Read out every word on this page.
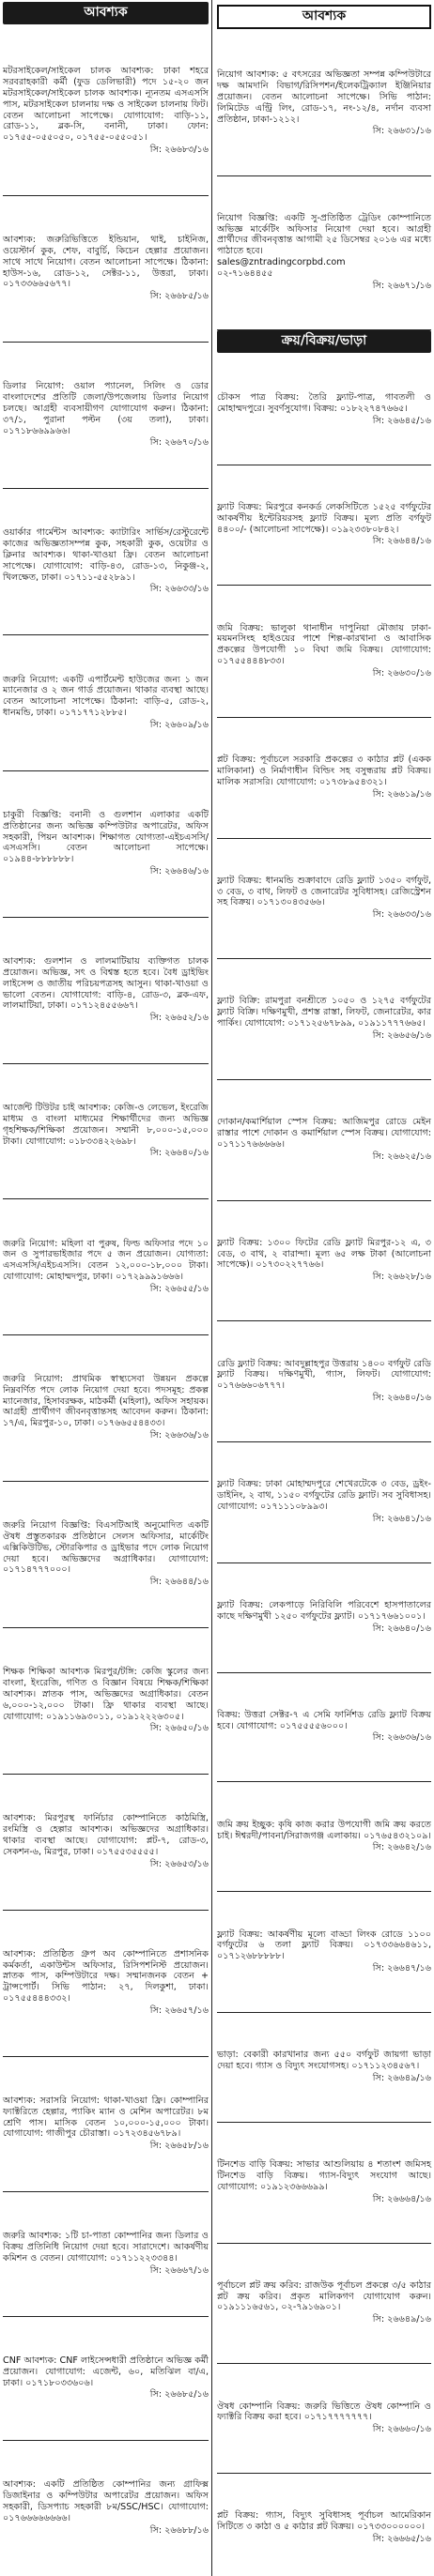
আবশ্যক

মটরসাইকেল/সাইকেল চালক আবশ্যক: ঢাকা শহরে সরবরাহকারী কর্মী (ফুড ডেলিভারী) পদে ১৫-২০ জন মটরসাইকেল/সাইকেল চালক আবশ্যক। ন্যূনতম এসএসসি পাস, মটরসাইকেল চালনায় দক্ষ ও সাইকেল চালনায় ফিট। বেতন আলোচনা সাপেক্ষে। যোগাযোগ: বাড়ি-১১, রোড-১১, ব্লক-সি, বনানী, ঢাকা। ফোন: ০১৭৫৫-০৫৫০৫০, ০১৭৫৫-০৫৫০৫১।

সি: ২৬৬৮৩/১৬

আবশ্যক: জরুরিভিত্তিতে ইন্ডিয়ান, থাই, চাইনিজ, ওয়েস্টার্ন কুক, শেফ, বাবুর্চি, কিচেন হেল্পার প্রয়োজন। সাথে সাথে নিয়োগ। বেতন আলোচনা সাপেক্ষে। ঠিকানা: হাউস-১৬, রোড-১২, সেক্টর-১১, উত্তরা, ঢাকা। ০১৭৩৩৬৬৫৬৭৭।

সি: ২৬৬৮৫/১৬

ডিলার নিয়োগ: ওয়াল প্যানেল, সিলিং ও ডোর বাংলাদেশের প্রতিটি জেলা/উপজেলায় ডিলার নিয়োগ চলছে। আগ্রহী ব্যবসায়ীগণ যোগাযোগ করুন। ঠিকানা: ৩৭/১, পুরানা পল্টন (৩য় তলা), ঢাকা। ০১৭১৮৬৬৯৯৬৬।

সি: ২৬৬৭০/১৬

ওয়ার্কার গার্মেন্টস আবশ্যক: ক্যাটারিং সার্ভিস/রেস্টুরেন্টে কাজের অভিজ্ঞতাসম্পন্ন কুক, সহকারী কুক, ওয়েটার ও ক্লিনার আবশ্যক। থাকা-খাওয়া ফ্রি। বেতন আলোচনা সাপেক্ষে। যোগাযোগ: বাড়ি-৪৩, রোড-১৩, নিকুঞ্জ-২, খিলক্ষেত, ঢাকা। ০১৭১১-৫৫২৮৯১।

সি: ২৬৬৩৩/১৬

জরুরি নিয়োগ: একটি এপার্টমেন্ট হাউজের জন্য ১ জন ম্যানেজার ও ২ জন গার্ড প্রয়োজন। থাকার ব্যবস্থা আছে। বেতন আলোচনা সাপেক্ষে। ঠিকানা: বাড়ি-৫, রোড-২, ধানমন্ডি, ঢাকা। ০১৭১৭৭১২৮৮৫।

সি: ২৬৬০৯/১৬

চাকুরী বিজ্ঞপ্তি: বনানী ও গুলশান এলাকার একটি প্রতিষ্ঠানের জন্য অভিজ্ঞ কম্পিউটার অপারেটর, অফিস সহকারী, পিয়ন আবশ্যক। শিক্ষাগত যোগ্যতা-এইচএসসি/এসএসসি। বেতন আলোচনা সাপেক্ষে। ০১৯৪৪-৮৮৮৮৮৮।

সি: ২৬৬৪৬/১৬

আবশ্যক: গুলশান ও লালমাটিয়ায় ব্যক্তিগত চালক প্রয়োজন। অভিজ্ঞ, সৎ ও বিশ্বস্ত হতে হবে। বৈধ ড্রাইভিং লাইসেন্স ও জাতীয় পরিচয়পত্রসহ আসুন। থাকা-খাওয়া ও ভালো বেতন। যোগাযোগ: বাড়ি-৪, রোড-৩, ব্লক-এফ, লালমাটিয়া, ঢাকা। ০১৭১২৪৫৫৬৬৭।

সি: ২৬৬৫২/১৬

আর্জেন্ট টিউটর চাই আবশ্যক: কেজি-ও লেভেল, ইংরেজি মাধ্যম ও বাংলা মাধ্যমের শিক্ষার্থীদের জন্য অভিজ্ঞ গৃহশিক্ষক/শিক্ষিকা প্রয়োজন। সম্মানী ৮,০০০-১৫,০০০ টাকা। যোগাযোগ: ০১৮৩৩৪২২৬৯৮।

সি: ২৬৬৪০/১৬

জরুরি নিয়োগ: মহিলা বা পুরুষ, ফিল্ড অফিসার পদে ১০ জন ও সুপারভাইজার পদে ৫ জন প্রয়োজন। যোগ্যতা: এসএসসি/এইচএসসি। বেতন ১২,০০০-১৮,০০০ টাকা। যোগাযোগ: মোহাম্মদপুর, ঢাকা। ০১৭২৯৯৯১৬৬৬।

সি: ২৬৬৫৫/১৬

জরুরি নিয়োগ: প্রাথমিক স্বাস্থ্যসেবা উন্নয়ন প্রকল্পে নিম্নবর্ণিত পদে লোক নিয়োগ দেয়া হবে। পদসমূহ: প্রকল্প ম্যানেজার, হিসাবরক্ষক, মাঠকর্মী (মহিলা), অফিস সহায়ক। আগ্রহী প্রার্থীগণ জীবনবৃত্তান্তসহ আবেদন করুন। ঠিকানা: ১৭/এ, মিরপুর-১০, ঢাকা। ০১৭৬৬৫৫৪৪৩৩।

সি: ২৬৬৩৬/১৬

জরুরি নিয়োগ বিজ্ঞপ্তি: বিএসটিআই অনুমোদিত একটি ঔষধ প্রস্তুতকারক প্রতিষ্ঠানে সেলস অফিসার, মার্কেটিং এক্সিকিউটিভ, স্টোরকিপার ও ড্রাইভার পদে লোক নিয়োগ দেয়া হবে। অভিজ্ঞদের অগ্রাধিকার। যোগাযোগ: ০১৭১৪৭৭৭০০০।

সি: ২৬৬৪৪/১৬

শিক্ষক শিক্ষিকা আবশ্যক মিরপুর/টঙ্গি: কেজি স্কুলের জন্য বাংলা, ইংরেজি, গণিত ও বিজ্ঞান বিষয়ে শিক্ষক/শিক্ষিকা আবশ্যক। স্নাতক পাস, অভিজ্ঞদের অগ্রাধিকার। বেতন ৬,০০০-১২,০০০ টাকা। ফ্রি থাকার ব্যবস্থা আছে। যোগাযোগ: ০১৯১১৬৯৩০১১, ০১৯১২২২৬৩০৫।

সি: ২৬৬৫০/১৬

আবশ্যক: মিরপুরস্থ ফার্নিচার কোম্পানিতে কাঠমিস্ত্রি, রংমিস্ত্রি ও হেল্পার আবশ্যক। অভিজ্ঞদের অগ্রাধিকার। থাকার ব্যবস্থা আছে। যোগাযোগ: প্লট-৭, রোড-৩, সেকশন-৬, মিরপুর, ঢাকা। ০১৭৫৫৩৫৫৫৫।

সি: ২৬৬৫৩/১৬

আবশ্যক: প্রতিষ্ঠিত গ্রুপ অব কোম্পানিতে প্রশাসনিক কর্মকর্তা, একাউন্টস অফিসার, রিসিপশনিস্ট প্রয়োজন। স্নাতক পাস, কম্পিউটারে দক্ষ। সম্মানজনক বেতন + ট্রান্সপোর্ট। সিভি পাঠান: ২৭, দিলকুশা, ঢাকা। ০১৭৫৫৪৪৪৩৩২।

সি: ২৬৬৫৭/১৬

আবশ্যক: সরাসরি নিয়োগ: থাকা-খাওয়া ফ্রি। কোম্পানির ফ্যাক্টরিতে হেল্পার, প্যাকিং ম্যান ও মেশিন অপারেটর। ৮ম শ্রেণি পাস। মাসিক বেতন ১০,০০০-১৫,০০০ টাকা। যোগাযোগ: গাজীপুর চৌরাস্তা। ০১৭২৩৪৫৬৭৮৯।

সি: ২৬৬৫৮/১৬

জরুরি আবশ্যক: ১টি চা-পাতা কোম্পানির জন্য ডিলার ও বিক্রয় প্রতিনিধি নিয়োগ দেয়া হবে। সারাদেশে। আকর্ষণীয় কমিশন ও বেতন। যোগাযোগ: ০১৭১১২২৩৩৪৪।

সি: ২৬৬৬৭/১৬

CNF আবশ্যক: CNF লাইসেন্সধারী প্রতিষ্ঠানে অভিজ্ঞ কর্মী প্রয়োজন। যোগাযোগ: এজেন্ট, ৬০, মতিঝিল বা/এ, ঢাকা। ০১৭১৮০৩৩৬০৬।

সি: ২৬৬৮৫/১৬

আবশ্যক: একটি প্রতিষ্ঠিত কোম্পানির জন্য গ্রাফিক্স ডিজাইনার ও কম্পিউটার অপারেটর প্রয়োজন। অফিস সহকারী, ডিসপ্যাচ সহকারী ৮ম/SSC/HSC। যোগাযোগ: ০১৭৬৬৬৬৬৬৬৬।

সি: ২৬৬৮৮/১৬
আবশ্যক

নিয়োগ আবশ্যক: ৫ বৎসরের অভিজ্ঞতা সম্পন্ন কম্পিউটারে দক্ষ আমদানি বিভাগ/রিসিপশন/ইলেকট্রিক্যাল ইঞ্জিনিয়ার প্রয়োজন। বেতন আলোচনা সাপেক্ষে। সিভি পাঠান: লিমিটেড এন্ট্রি লিং, রোড-১৭, নং-১২/৪, নর্দান ব্যবসা প্রতিষ্ঠান, ঢাকা-১২১২।

সি: ২৬৬৩১/১৬

নিয়োগ বিজ্ঞপ্তি: একটি সু-প্রতিষ্ঠিত ট্রেডিং কোম্পানিতে অভিজ্ঞ মার্কেটিং অফিসার নিয়োগ দেয়া হবে। আগ্রহী প্রার্থীদের জীবনবৃত্তান্ত আগামী ২৫ ডিসেম্বর ২০১৬ এর মধ্যে পাঠাতে হবে।

sales@zntradingcorpbd.com

০২-৭১৬৪৪৫৫

সি: ২৬৬৭১/১৬
ক্রয়/বিক্রয়/ভাড়া

চৌকস পাত্র বিক্রয়: তৈরি ফ্ল্যাট-পাত্র, গাবতলী ও মোহাম্মদপুরে। সুবর্ণসুযোগ। বিক্রয়: ০১৮২২৭৪৭৬৬৫।

সি: ২৬৬৪৫/১৬

ফ্ল্যাট বিক্রয়: মিরপুরে কনকর্ড লেকসিটিতে ১৫২৫ বর্গফুটের আকর্ষণীয় ইন্টেরিয়রসহ ফ্ল্যাট বিক্রয়। মূল্য প্রতি বর্গফুট ৪৪০০/- (আলোচনা সাপেক্ষে)। ০১৯২৩৩৮০৮৪২।

সি: ২৬৬৪৪/১৬

জমি বিক্রয়: ভালুকা থানাধীন দাপুনিয়া মৌজায় ঢাকা-ময়মনসিংহ হাইওয়ের পাশে শিল্প-কারখানা ও আবাসিক প্রকল্পের উপযোগী ১০ বিঘা জমি বিক্রয়। যোগাযোগ: ০১৭৫৫৪৪৪৮৩৩।

সি: ২৬৬৩০/১৬

প্লট বিক্রয়: পূর্বাচলে সরকারি প্রকল্পের ৩ কাঠার প্লট (একক মালিকানা) ও নির্মাণাধীন বিল্ডিং সহ বসুন্ধরায় প্লট বিক্রয়। মালিক সরাসরি। যোগাযোগ: ০১৭৩৮৯৫৪৩২১।

সি: ২৬৬১৯/১৬

ফ্ল্যাট বিক্রয়: ধানমন্ডি শুক্রাবাদে রেডি ফ্ল্যাট ১৩৫০ বর্গফুট, ৩ বেড, ৩ বাথ, লিফট ও জেনারেটর সুবিধাসহ। রেজিস্ট্রেশন সহ বিক্রয়। ০১৭১৩০৪৩৫৬৬।

সি: ২৬৬৩৩/১৬

ফ্ল্যাট বিক্রি: রামপুরা বনশ্রীতে ১০৫০ ও ১২৭৫ বর্গফুটের ফ্ল্যাট বিক্রি। দক্ষিণমুখী, প্রশস্ত রাস্তা, লিফট, জেনারেটর, কার পার্কিং। যোগাযোগ: ০১৭১২৫৬৭৮৯৯, ০১৯১১৭৭৭৬৬৫।

সি: ২৬৬৫৬/১৬

দোকান/কমার্শিয়াল স্পেস বিক্রয়: আজিমপুর রোডে মেইন রাস্তার পাশে দোকান ও কমার্শিয়াল স্পেস বিক্রয়। যোগাযোগ: ০১৭১১৭৬৬৬৬৬।

সি: ২৬৬২৫/১৬

ফ্ল্যাট বিক্রয়: ১৩০০ ফিটের রেডি ফ্ল্যাট মিরপুর-১২ এ, ৩ বেড, ৩ বাথ, ২ বারান্দা। মূল্য ৬৫ লক্ষ টাকা (আলোচনা সাপেক্ষে)। ০১৭৩০২২৭৭৬৬।

সি: ২৬৬২৮/১৬

রেডি ফ্ল্যাট বিক্রয়: আবদুল্লাহপুর উত্তরায় ১৪০০ বর্গফুট রেডি ফ্ল্যাট বিক্রয়। দক্ষিণমুখী, গ্যাস, লিফট। যোগাযোগ: ০১৭৬৬৬০৬৭৭৭।

সি: ২৬৬৪০/১৬

ফ্ল্যাট বিক্রয়: ঢাকা মোহাম্মদপুরে শেখেরটেকে ৩ বেড, ড্রইং-ডাইনিং, ২ বাথ, ১১৫০ বর্গফুটের রেডি ফ্ল্যাট। সব সুবিধাসহ। যোগাযোগ: ০১৭১১১০৮৯৯৩।

সি: ২৬৬৪১/১৬

ফ্ল্যাট বিক্রয়: লেকপাড়ে নিরিবিলি পরিবেশে হাসপাতালের কাছে দক্ষিণমুখী ১২৫০ বর্গফুটের ফ্ল্যাট। ০১৭১৭৬৬১০০১।

সি: ২৬৬৪০/১৬

বিক্রয়: উত্তরা সেক্টর-৭ এ সেমি ফার্নিশড রেডি ফ্ল্যাট বিক্রয় হবে। যোগাযোগ: ০১৭৫৫৫৫৬০০০।

সি: ২৬৬৩৬/১৬

জমি ক্রয় ইচ্ছুক: কৃষি কাজ করার উপযোগী জমি ক্রয় করতে চাই। ঈশ্বরদী/পাবনা/সিরাজগঞ্জ এলাকায়। ০১৭৬৫৪৩২১০৯।

সি: ২৬৬৪২/১৬

ফ্ল্যাট বিক্রয়: আকর্ষণীয় মূল্যে বাড্ডা লিংক রোডে ১১০০ বর্গফুটের ৬ তলা ফ্ল্যাট বিক্রয়। ০১৭৩৩৬৬৪৬১১, ০১৭১২৬৮৮৮৮৮।

সি: ২৬৬৪৭/১৬

ভাড়া: বেকারী কারখানার জন্য ৫৫০ বর্গফুট জায়গা ভাড়া দেয়া হবে। গ্যাস ও বিদ্যুৎ সংযোগসহ। ০১৭১১২৩৪৫৬৭।

সি: ২৬৬৪৯/১৬

টিনশেড বাড়ি বিক্রয়: সাভার আশুলিয়ায় ৪ শতাংশ জমিসহ টিনশেড বাড়ি বিক্রয়। গ্যাস-বিদ্যুৎ সংযোগ আছে। যোগাযোগ: ০১৯১২৩৬৬৬৯৯।

সি: ২৬৬৬৪/১৬

পূর্বাচলে প্লট ক্রয় করিব: রাজউক পূর্বাচল প্রকল্পে ৩/৫ কাঠার প্লট ক্রয় করিব। প্রকৃত মালিকগণ যোগাযোগ করুন। ০১৯১১১৬৫৬১, ০২-৭৯১৬৯০১।

সি: ২৬৬৪৯/১৬

ঔষধ কোম্পানি বিক্রয়: জরুরি ভিত্তিতে ঔষধ কোম্পানি ও ফ্যাক্টরি বিক্রয় করা হবে। ০১৭১৭৭৭৭৭৭৭।

সি: ২৬৬৬০/১৬

প্লট বিক্রয়: গ্যাস, বিদ্যুৎ সুবিধাসহ পূর্বাচল আমেরিকান সিটিতে ৩ কাঠা ও ৫ কাঠার প্লট বিক্রয়। ০১৭৩৩০০০০০০।

সি: ২৬৬৬৫/১৬
